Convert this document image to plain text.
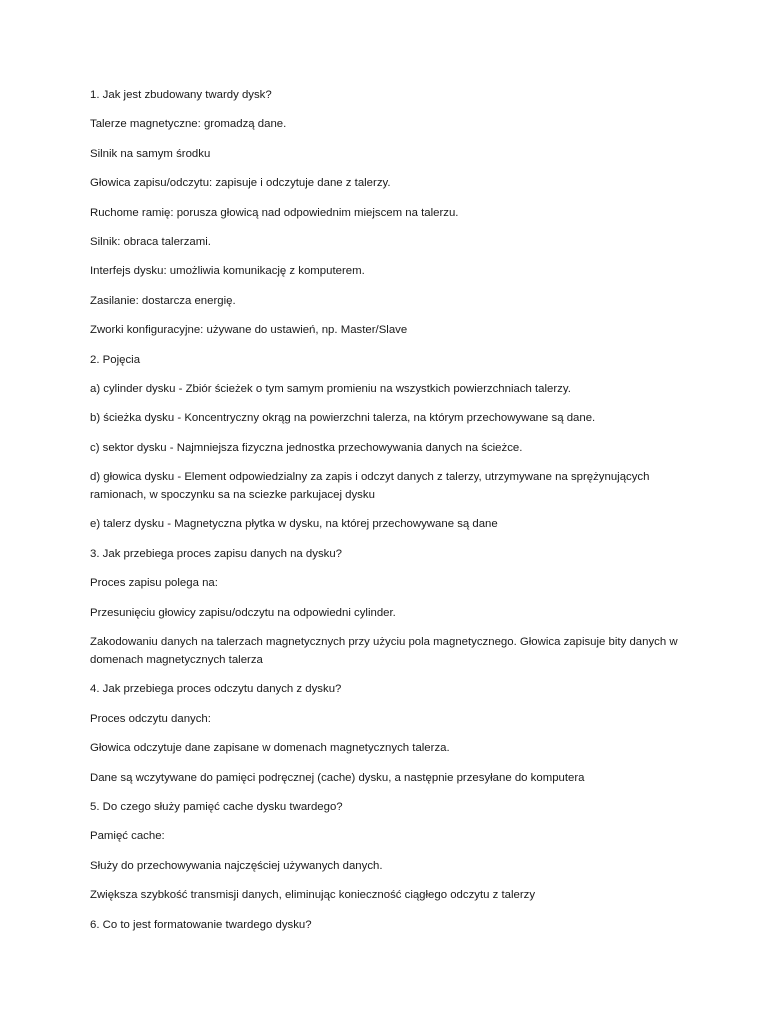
1. Jak jest zbudowany twardy dysk?

Talerze magnetyczne: gromadzą dane.

Silnik na samym środku

Głowica zapisu/odczytu: zapisuje i odczytuje dane z talerzy.

Ruchome ramię: porusza głowicą nad odpowiednim miejscem na talerzu.

Silnik: obraca talerzami.

Interfejs dysku: umożliwia komunikację z komputerem.

Zasilanie: dostarcza energię.

Zworki konfiguracyjne: używane do ustawień, np. Master/Slave

2. Pojęcia

a) cylinder dysku - Zbiór ścieżek o tym samym promieniu na wszystkich powierzchniach talerzy.

b) ścieżka dysku - Koncentryczny okrąg na powierzchni talerza, na którym przechowywane są dane.

c) sektor dysku - Najmniejsza fizyczna jednostka przechowywania danych na ścieżce.

d) głowica dysku - Element odpowiedzialny za zapis i odczyt danych z talerzy, utrzymywane na sprężynujących ramionach, w spoczynku sa na sciezke parkujacej dysku

e) talerz dysku - Magnetyczna płytka w dysku, na której przechowywane są dane

3. Jak przebiega proces zapisu danych na dysku?

Proces zapisu polega na:

Przesunięciu głowicy zapisu/odczytu na odpowiedni cylinder.

Zakodowaniu danych na talerzach magnetycznych przy użyciu pola magnetycznego. Głowica zapisuje bity danych w domenach magnetycznych talerza

4. Jak przebiega proces odczytu danych z dysku?

Proces odczytu danych:

Głowica odczytuje dane zapisane w domenach magnetycznych talerza.

Dane są wczytywane do pamięci podręcznej (cache) dysku, a następnie przesyłane do komputera

5. Do czego służy pamięć cache dysku twardego?

Pamięć cache:

Służy do przechowywania najczęściej używanych danych.

Zwiększa szybkość transmisji danych, eliminując konieczność ciągłego odczytu z talerzy

6. Co to jest formatowanie twardego dysku?
